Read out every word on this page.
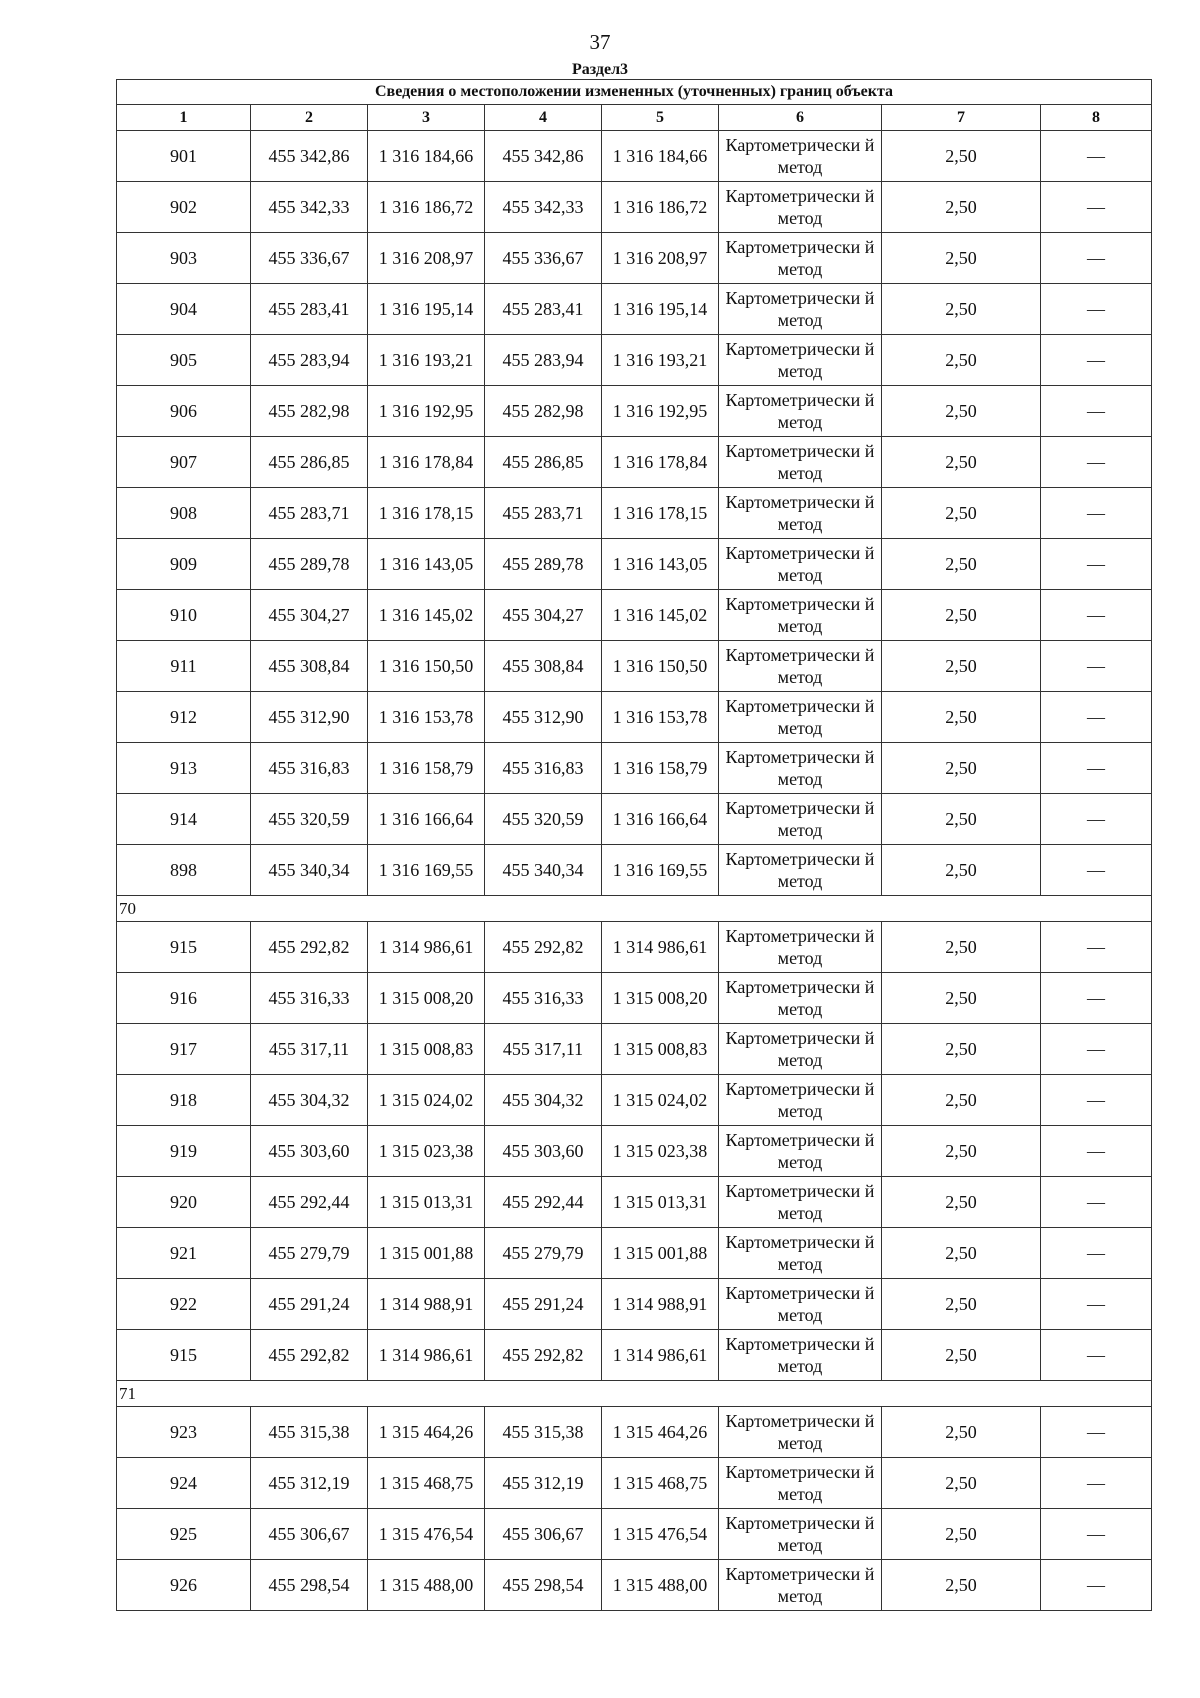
37
Раздел3
Сведения о местоположении измененных (уточненных) границ объекта							
1	2	3	4	5	6	7	8
901	455 342,86	1 316 184,66	455 342,86	1 316 184,66	Картометрически й метод	2,50	—
902	455 342,33	1 316 186,72	455 342,33	1 316 186,72	Картометрически й метод	2,50	—
903	455 336,67	1 316 208,97	455 336,67	1 316 208,97	Картометрически й метод	2,50	—
904	455 283,41	1 316 195,14	455 283,41	1 316 195,14	Картометрически й метод	2,50	—
905	455 283,94	1 316 193,21	455 283,94	1 316 193,21	Картометрически й метод	2,50	—
906	455 282,98	1 316 192,95	455 282,98	1 316 192,95	Картометрически й метод	2,50	—
907	455 286,85	1 316 178,84	455 286,85	1 316 178,84	Картометрически й метод	2,50	—
908	455 283,71	1 316 178,15	455 283,71	1 316 178,15	Картометрически й метод	2,50	—
909	455 289,78	1 316 143,05	455 289,78	1 316 143,05	Картометрически й метод	2,50	—
910	455 304,27	1 316 145,02	455 304,27	1 316 145,02	Картометрически й метод	2,50	—
911	455 308,84	1 316 150,50	455 308,84	1 316 150,50	Картометрически й метод	2,50	—
912	455 312,90	1 316 153,78	455 312,90	1 316 153,78	Картометрически й метод	2,50	—
913	455 316,83	1 316 158,79	455 316,83	1 316 158,79	Картометрически й метод	2,50	—
914	455 320,59	1 316 166,64	455 320,59	1 316 166,64	Картометрически й метод	2,50	—
898	455 340,34	1 316 169,55	455 340,34	1 316 169,55	Картометрически й метод	2,50	—
70							
915	455 292,82	1 314 986,61	455 292,82	1 314 986,61	Картометрически й метод	2,50	—
916	455 316,33	1 315 008,20	455 316,33	1 315 008,20	Картометрически й метод	2,50	—
917	455 317,11	1 315 008,83	455 317,11	1 315 008,83	Картометрически й метод	2,50	—
918	455 304,32	1 315 024,02	455 304,32	1 315 024,02	Картометрически й метод	2,50	—
919	455 303,60	1 315 023,38	455 303,60	1 315 023,38	Картометрически й метод	2,50	—
920	455 292,44	1 315 013,31	455 292,44	1 315 013,31	Картометрически й метод	2,50	—
921	455 279,79	1 315 001,88	455 279,79	1 315 001,88	Картометрически й метод	2,50	—
922	455 291,24	1 314 988,91	455 291,24	1 314 988,91	Картометрически й метод	2,50	—
915	455 292,82	1 314 986,61	455 292,82	1 314 986,61	Картометрически й метод	2,50	—
71							
923	455 315,38	1 315 464,26	455 315,38	1 315 464,26	Картометрически й метод	2,50	—
924	455 312,19	1 315 468,75	455 312,19	1 315 468,75	Картометрически й метод	2,50	—
925	455 306,67	1 315 476,54	455 306,67	1 315 476,54	Картометрически й метод	2,50	—
926	455 298,54	1 315 488,00	455 298,54	1 315 488,00	Картометрически й метод	2,50	—
